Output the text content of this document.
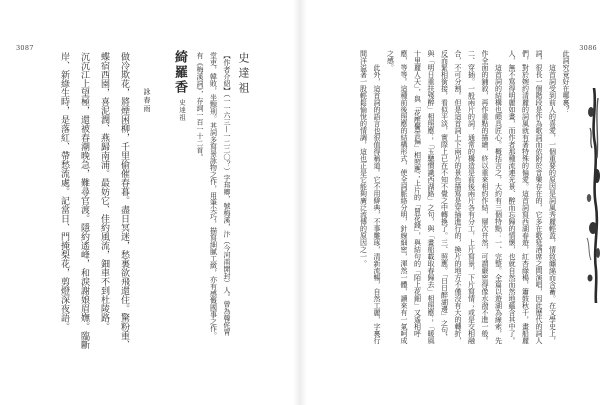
3087
史達祖

【作者介紹】（一一六三—一二二〇？）字邦卿，號梅溪，汴（今河南開封）人。曾為韓侂胄堂吏，韓敗，坐黥刑。其詞多寫景詠物之作，用筆尖巧，描寫細膩工緻，亦有感慨國事之作。有《梅溪詞》，存詞一百一十二首。

綺羅香
史達祖
詠春雨

做冷欺花，將煙困柳，千里偷催春暮。盡日冥迷，愁裏欲飛還住。驚粉重、蝶宿西園，喜泥潤、燕歸南浦。最妨它、佳約風流，鈿車不到杜陵路。

沉沉江上望極，還被春潮晚急，難尋官渡。隱約遙峰，和淚謝娘眉嫵。臨斷岸、新綠生時，是落紅、帶愁流處。記當日、門掩梨花，剪燈深夜語。

3086

此詞究竟好在哪裏？

這首詞受到前人的喜愛，一個重要的原因是詞風秀麗輕盈，情致纏綿而含蓄。在文學史上，詞，很長一個階段是作為歌詞而依附於音樂存在的，它多在歌筵酒席之間演唱，因此歷代的詞人們，對於婉約清麗的詞風就有著特殊的偏愛。這首詞寫西湖春遊，紅杏綠楊，簫鼓秋千，畫船麗人，無不寫得明麗如畫，而作者那種流連光景、醉而忘歸的情懷，也就自然而然地蘊含其中了。

這首詞的結構也頗具匠心。概括言之，大約有三個特點：一、完整。全篇以遊湖為線索，先作全面的鋪敘，再作重點的描繪，終以重來相約作結，層次井然，可謂嚴密得像水潑不進一般。二、穿插。一般兩片的詞，通常的構造是前後兩片各有分工，上片寫景，下片寫情；或是交相融合，不可分割。但是這首詞上下兩片的景色描寫是穿插進行的，換片的地方不僅沒有大的轉折，反而緊相銜接，看似平淡，實際上已在不知不覺之中轉換了。三、照應。「日日醉湖邊」之句，與「明日重扶殘醉」相照應；「玉驄慣識西湖路」之句，與「畫船載取春歸去」相照應；「暖風十里麗人天」，與「花壓鬢雲偏」相照應；上片的「買花錢」，與結句的「陌上花鈿」又遙相呼應，等等。這種前後照應的結構形式，使全詞脈絡分明，針線細密，渾然一體，讀來有一氣呵成之感。

此外，這首詞的語言也很值得稱道。它不用僻典，不事雕琢，清新流暢，自然工麗，字裏行間洋溢著一股輕鬆愉悅的情調，這也正是它能夠廣泛流傳的原因之一。
